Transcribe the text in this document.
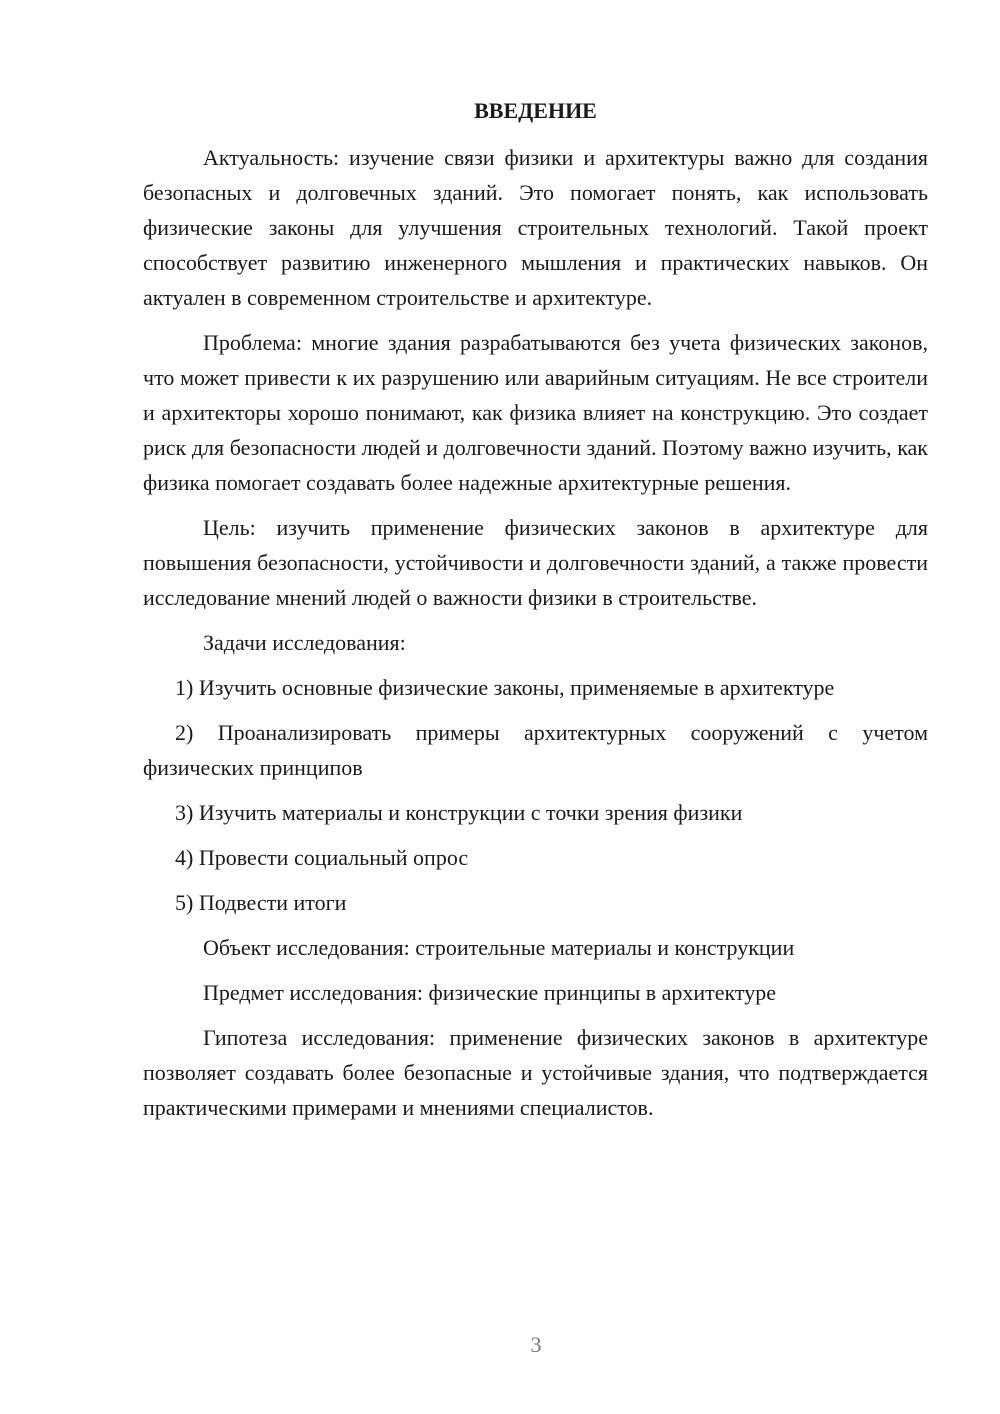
ВВЕДЕНИЕ

Актуальность: изучение связи физики и архитектуры важно для создания безопасных и долговечных зданий. Это помогает понять, как использовать физические законы для улучшения строительных технологий. Такой проект способствует развитию инженерного мышления и практических навыков. Он актуален в современном строительстве и архитектуре.

Проблема: многие здания разрабатываются без учета физических законов, что может привести к их разрушению или аварийным ситуациям. Не все строители и архитекторы хорошо понимают, как физика влияет на конструкцию. Это создает риск для безопасности людей и долговечности зданий. Поэтому важно изучить, как физика помогает создавать более надежные архитектурные решения.

Цель: изучить применение физических законов в архитектуре для повышения безопасности, устойчивости и долговечности зданий, а также провести исследование мнений людей о важности физики в строительстве.

Задачи исследования:

1) Изучить основные физические законы, применяемые в архитектуре

2) Проанализировать примеры архитектурных сооружений с учетом физических принципов

3) Изучить материалы и конструкции с точки зрения физики

4) Провести социальный опрос

5) Подвести итоги

Объект исследования: строительные материалы и конструкции

Предмет исследования: физические принципы в архитектуре

Гипотеза исследования: применение физических законов в архитектуре позволяет создавать более безопасные и устойчивые здания, что подтверждается практическими примерами и мнениями специалистов.

3
